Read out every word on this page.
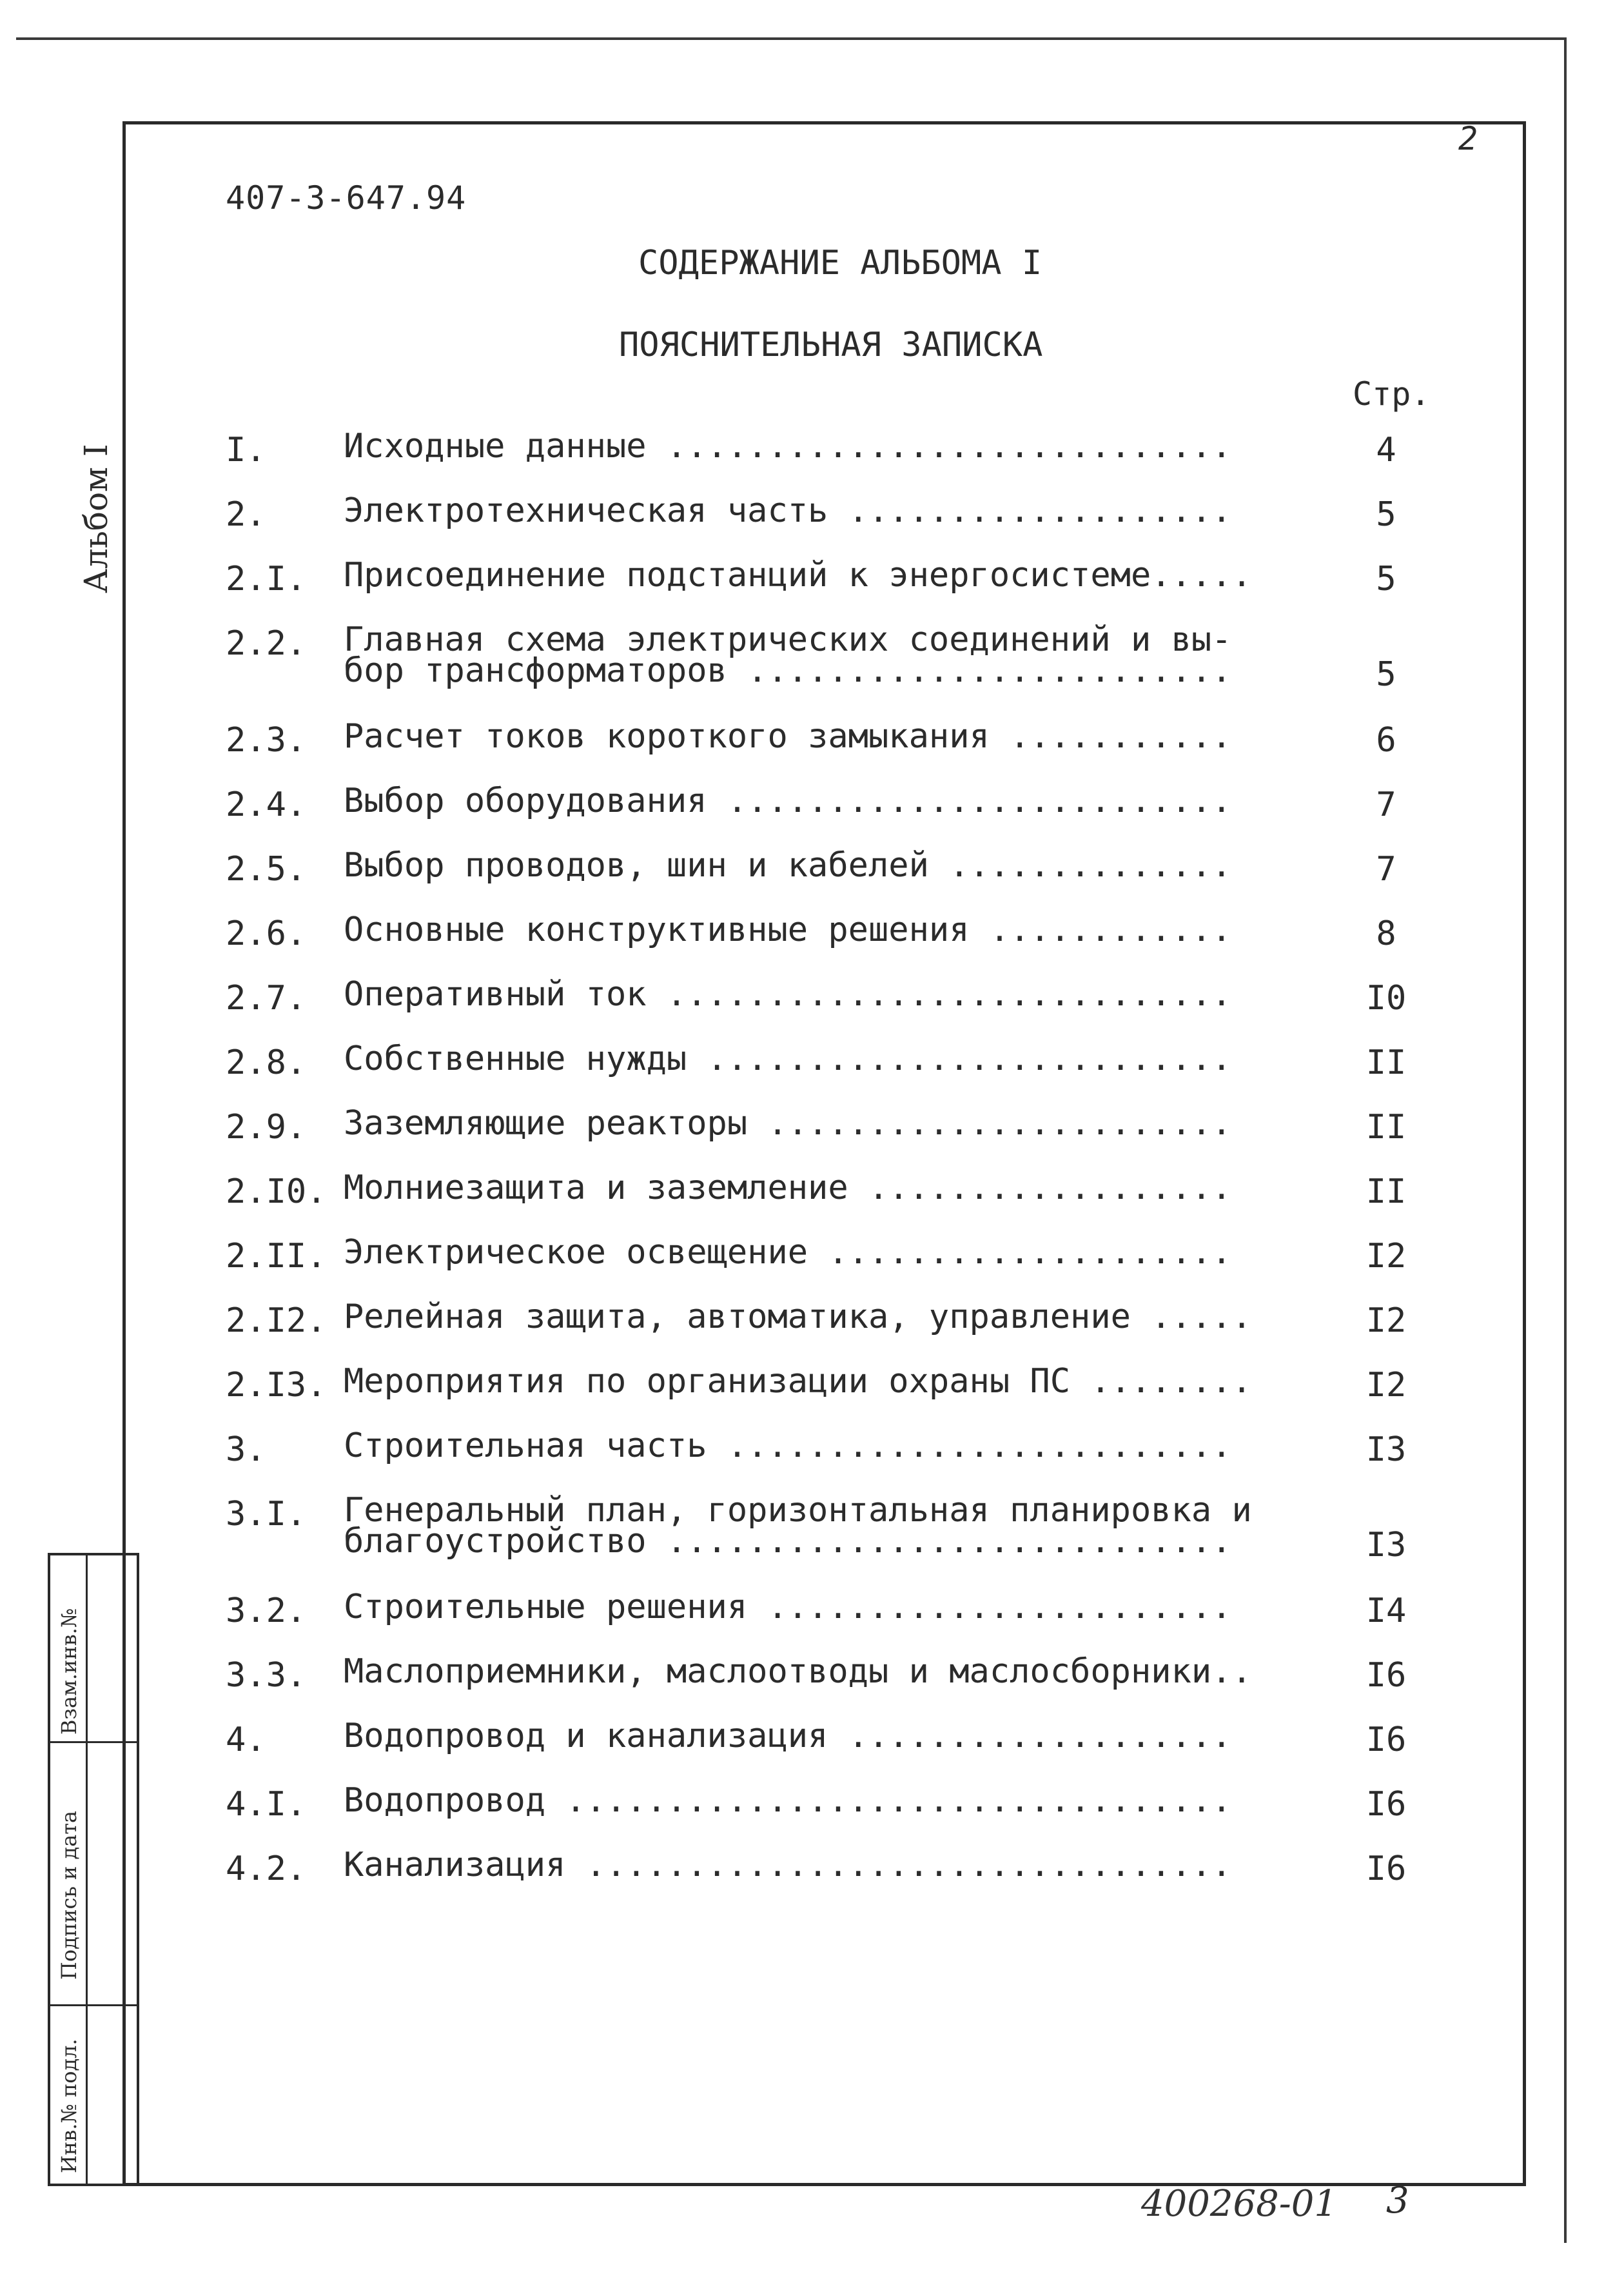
2
407-3-647.94
СОДЕРЖАНИЕ АЛЬБОМА I
ПОЯСНИТЕЛЬНАЯ ЗАПИСКА
Стр.
I. Исходные данные ............................	4
2. Электротехническая часть ...................	5
2.I. Присоединение подстанций к энергосистеме.....	5
2.2. Главная схема электрических соединений и вы-
бор трансформаторов ........................	5
2.3. Расчет токов короткого замыкания ...........	6
2.4. Выбор оборудования .........................	7
2.5. Выбор проводов, шин и кабелей ..............	7
2.6. Основные конструктивные решения ............	8
2.7. Оперативный ток ............................	I0
2.8. Собственные нужды ..........................	II
2.9. Заземляющие реакторы .......................	II
2.I0. Молниезащита и заземление ..................	II
2.II. Электрическое освещение ....................	I2
2.I2. Релейная защита, автоматика, управление .....	I2
2.I3. Мероприятия по организации охраны ПС ........	I2
3. Строительная часть .........................	I3
3.I. Генеральный план, горизонтальная планировка и
благоустройство ............................	I3
3.2. Строительные решения .......................	I4
3.3. Маслоприемники, маслоотводы и маслосборники..	I6
4. Водопровод и канализация ...................	I6
4.I. Водопровод .................................	I6
4.2. Канализация ................................	I6
Альбом I
Взам.инв.№
Подпись и дата
Инв.№ подл.
400268-01 3
